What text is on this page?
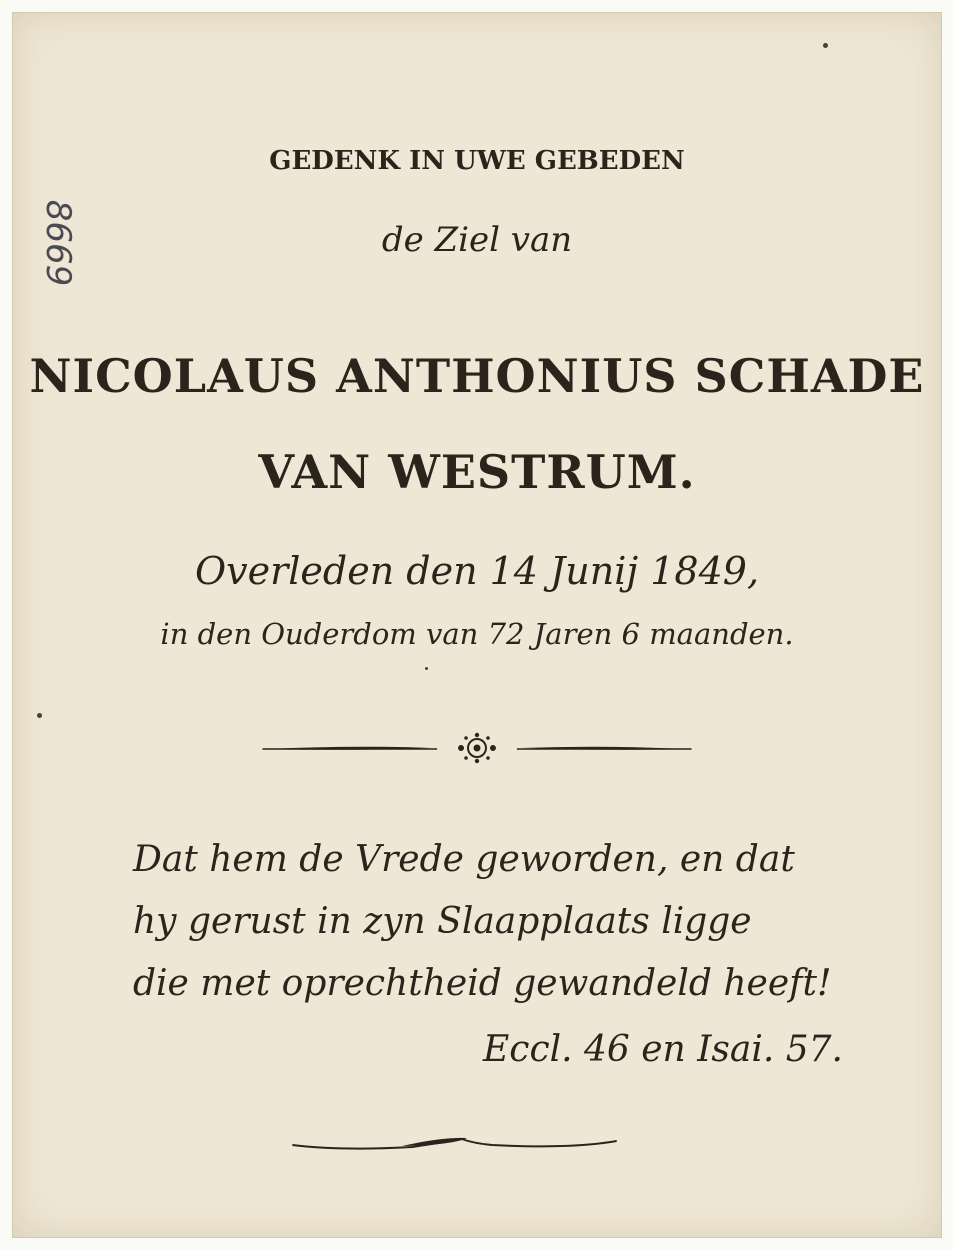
8669
GEDENK IN UWE GEBEDEN
de Ziel van
NICOLAUS ANTHONIUS SCHADE
VAN WESTRUM.
Overleden den 14 Junij 1849,
in den Ouderdom van 72 Jaren 6 maanden.
Dat hem de Vrede geworden, en dat
hy gerust in zyn Slaapplaats ligge
die met oprechtheid gewandeld heeft!
Eccl. 46 en Isai. 57.
